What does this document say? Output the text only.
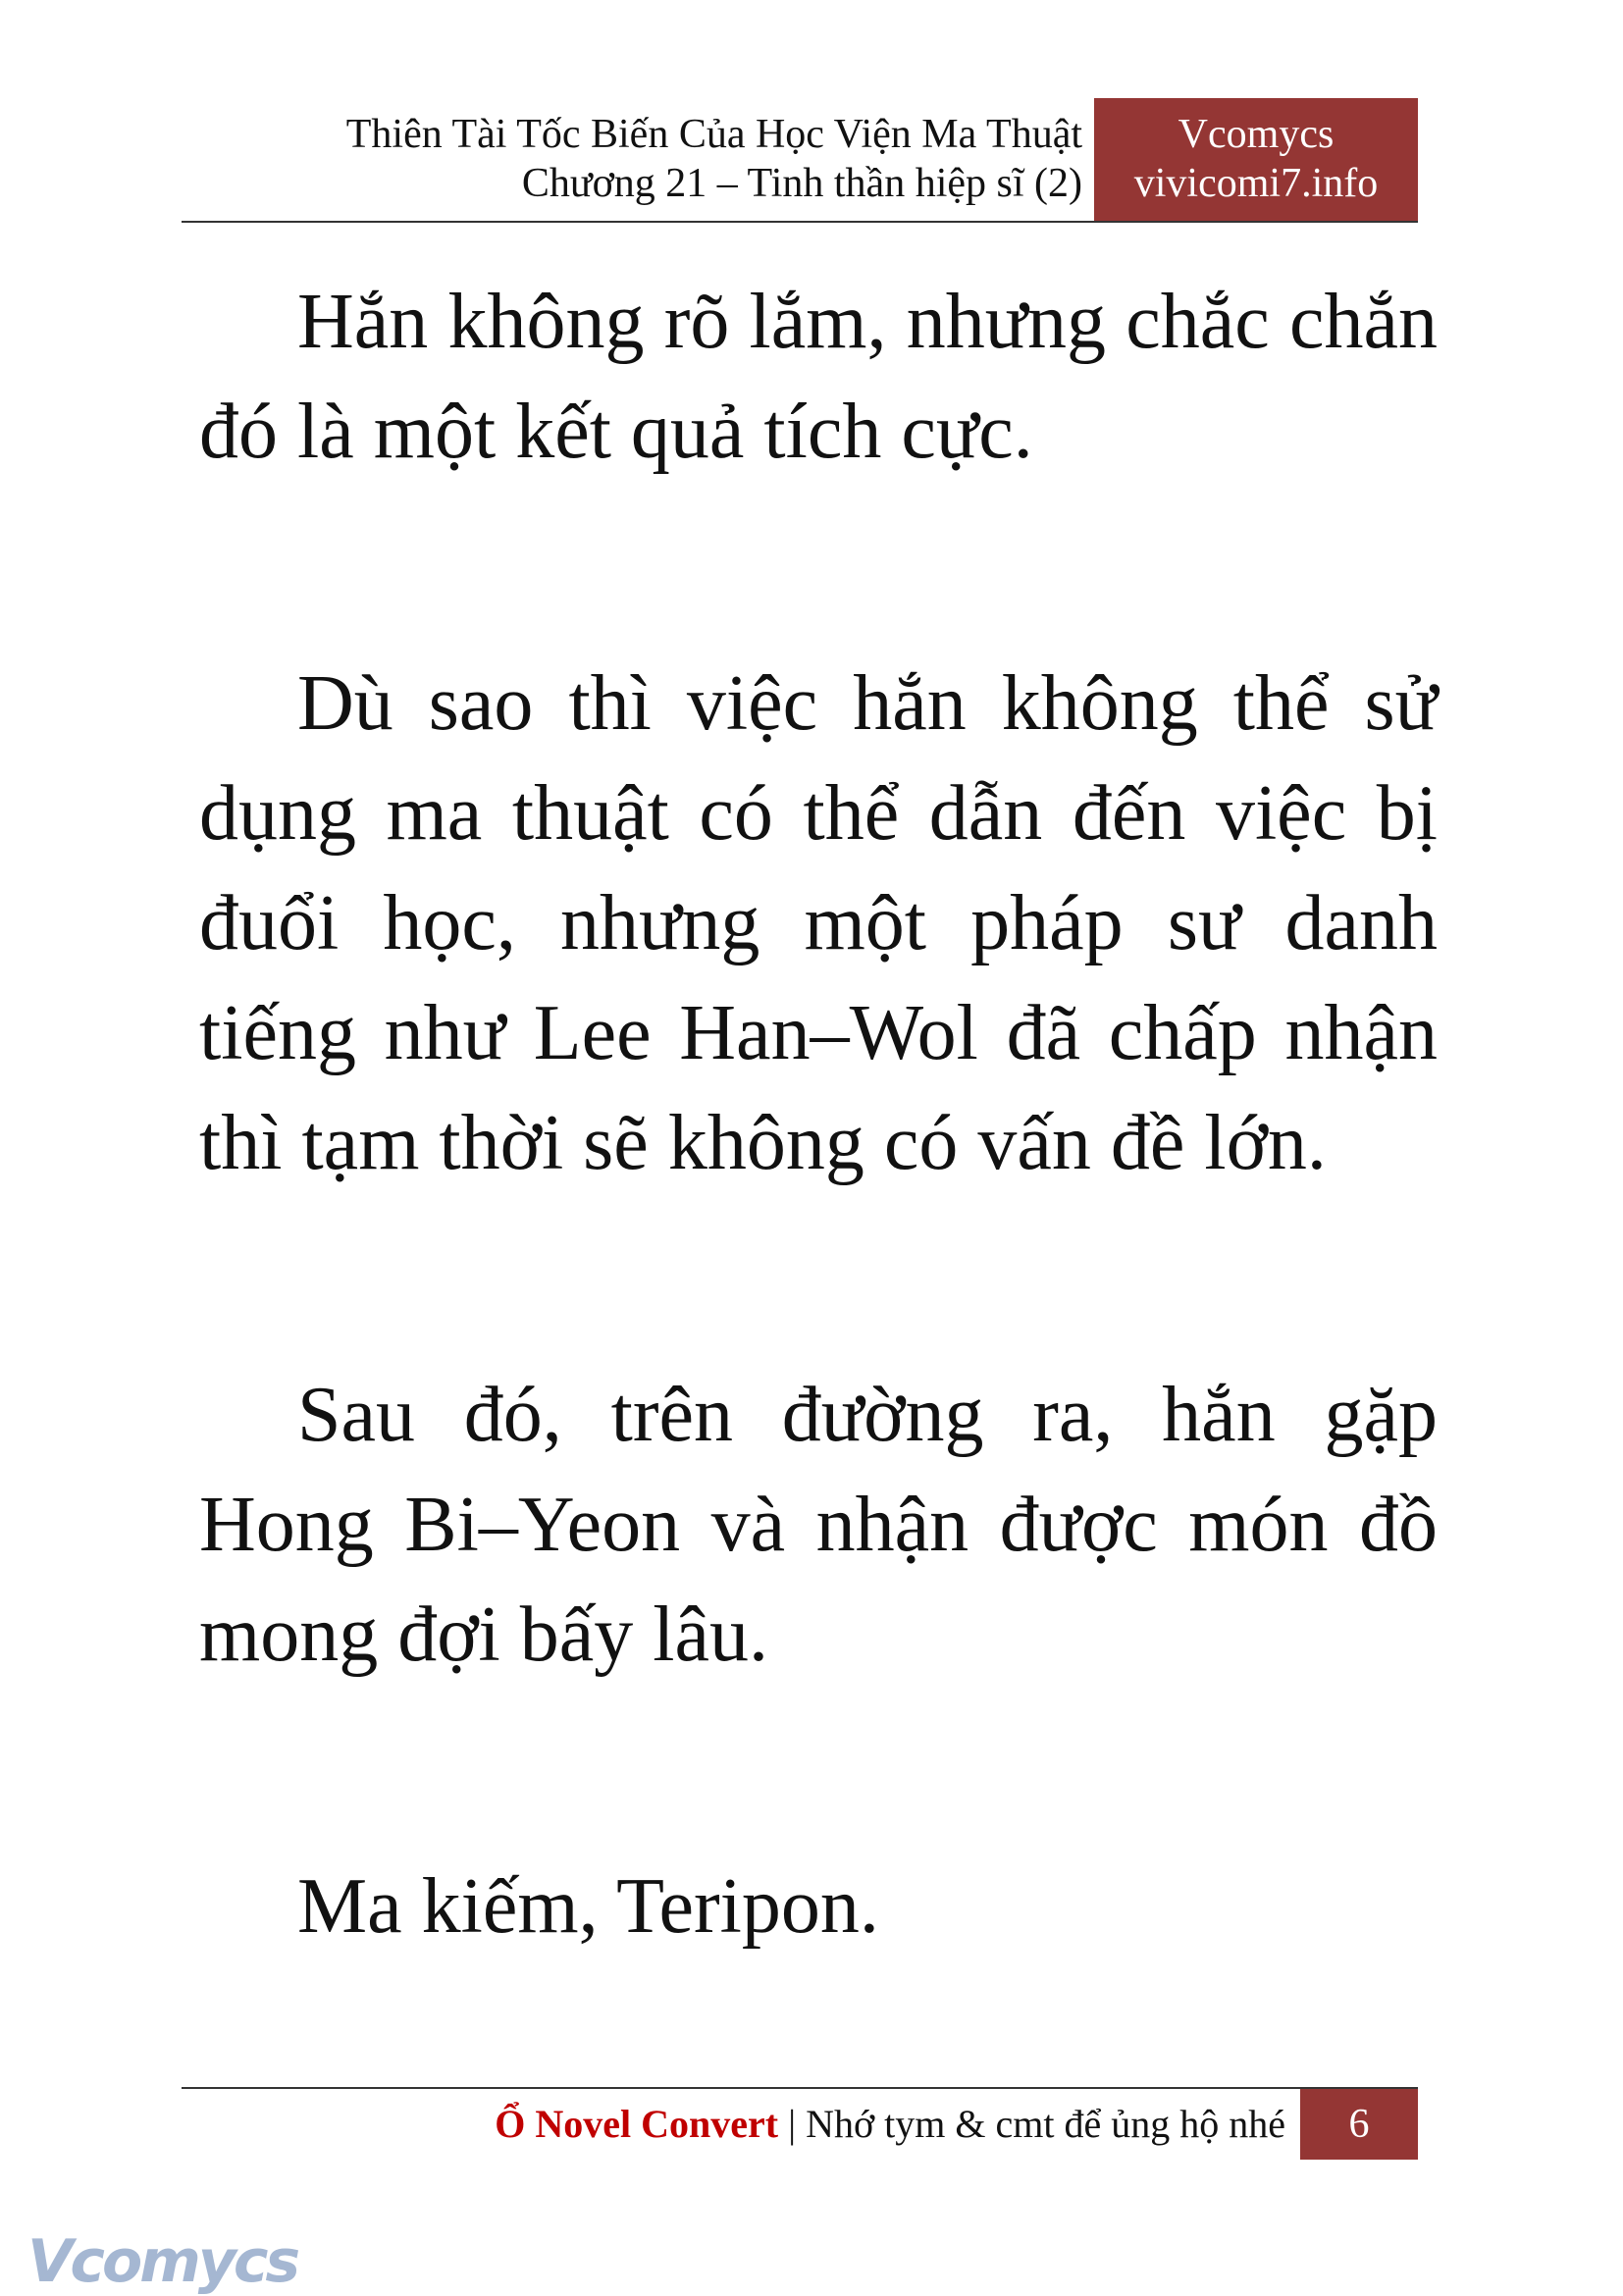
Thiên Tài Tốc Biến Của Học Viện Ma Thuật
Chương 21 – Tinh thần hiệp sĩ (2)
Vcomycs
vivicomi7.info

Hắn không rõ lắm, nhưng chắc chắn đó là một kết quả tích cực.

Dù sao thì việc hắn không thể sử dụng ma thuật có thể dẫn đến việc bị đuổi học, nhưng một pháp sư danh tiếng như Lee Han–Wol đã chấp nhận thì tạm thời sẽ không có vấn đề lớn.

Sau đó, trên đường ra, hắn gặp Hong Bi–Yeon và nhận được món đồ mong đợi bấy lâu.

Ma kiếm, Teripon.

Ổ Novel Convert | Nhớ tym & cmt để ủng hộ nhé	6
Vcomycs
